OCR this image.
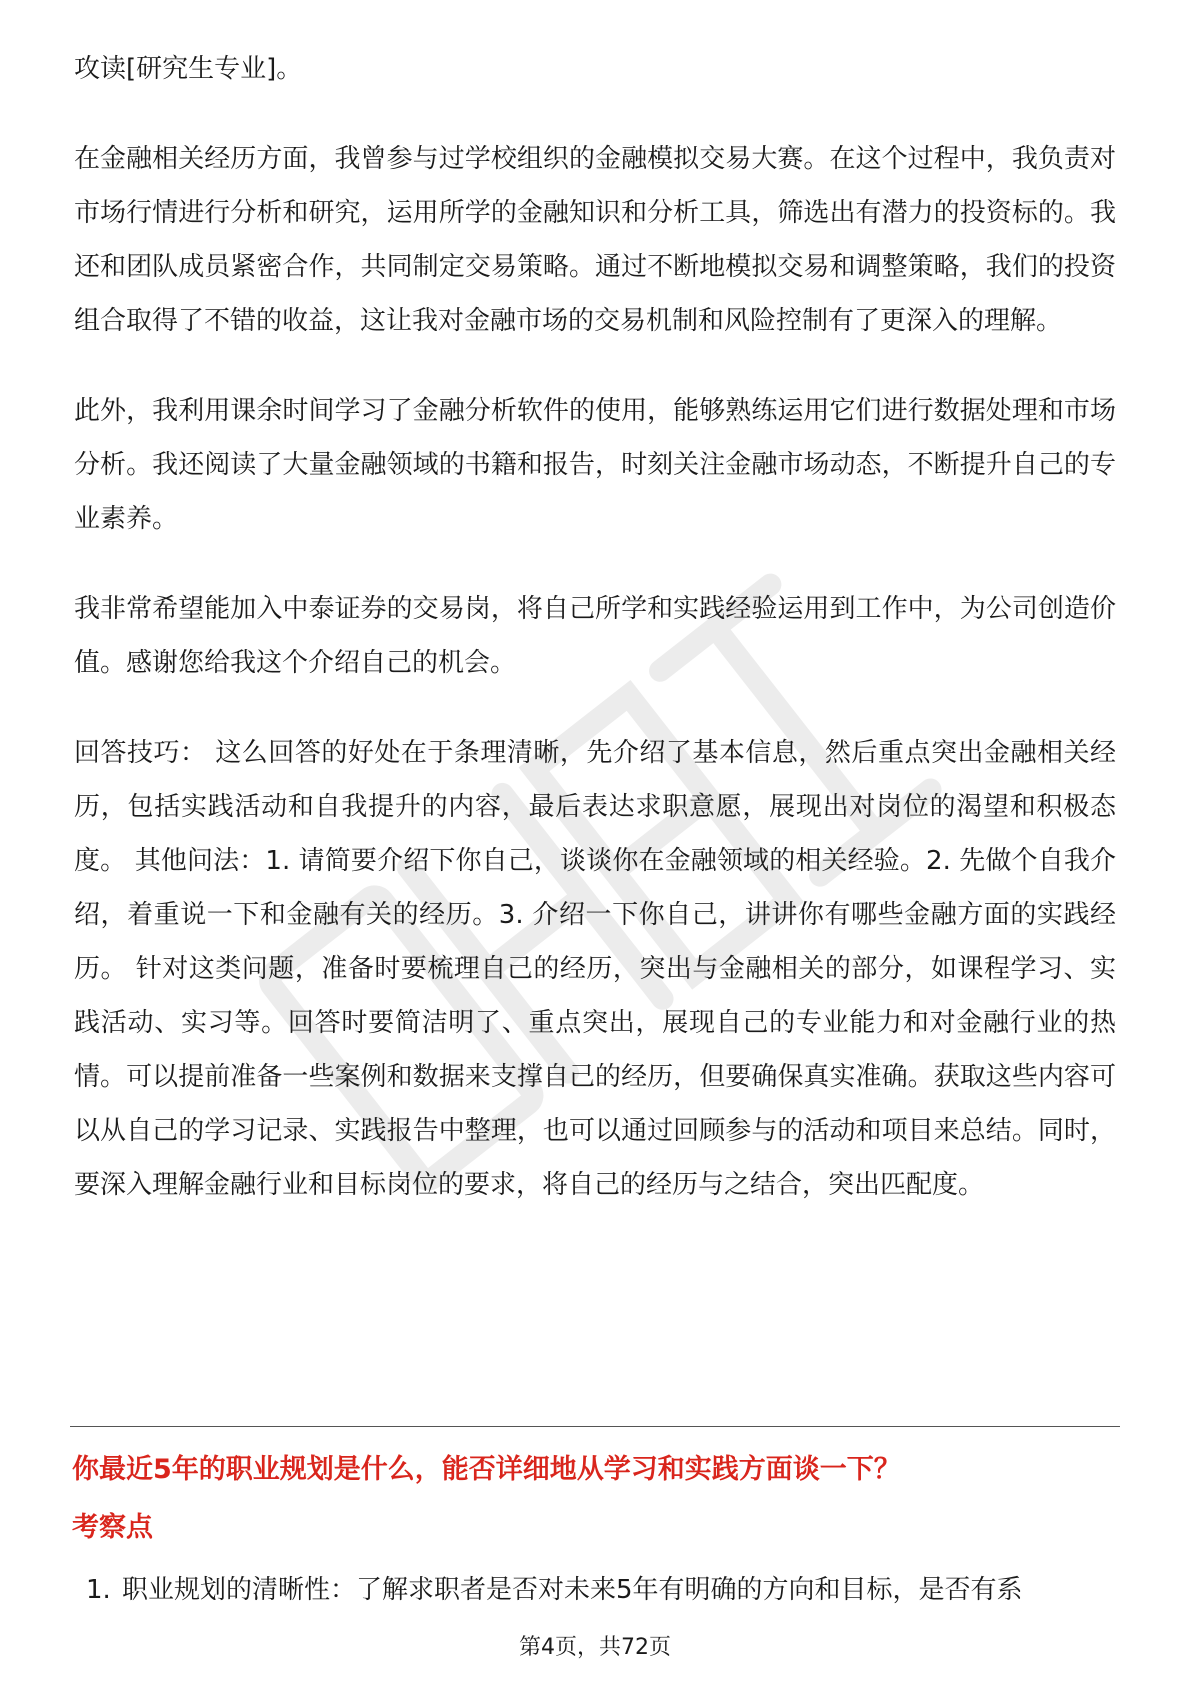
攻读[研究生专业]。

在金融相关经历方面，我曾参与过学校组织的金融模拟交易大赛。在这个过程中，我负责对市场行情进行分析和研究，运用所学的金融知识和分析工具，筛选出有潜力的投资标的。我还和团队成员紧密合作，共同制定交易策略。通过不断地模拟交易和调整策略，我们的投资组合取得了不错的收益，这让我对金融市场的交易机制和风险控制有了更深入的理解。

此外，我利用课余时间学习了金融分析软件的使用，能够熟练运用它们进行数据处理和市场分析。我还阅读了大量金融领域的书籍和报告，时刻关注金融市场动态，不断提升自己的专业素养。

我非常希望能加入中泰证券的交易岗，将自己所学和实践经验运用到工作中，为公司创造价值。感谢您给我这个介绍自己的机会。

回答技巧： 这么回答的好处在于条理清晰，先介绍了基本信息，然后重点突出金融相关经历，包括实践活动和自我提升的内容，最后表达求职意愿，展现出对岗位的渴望和积极态度。 其他问法：1. 请简要介绍下你自己，谈谈你在金融领域的相关经验。2. 先做个自我介绍，着重说一下和金融有关的经历。3. 介绍一下你自己，讲讲你有哪些金融方面的实践经历。 针对这类问题，准备时要梳理自己的经历，突出与金融相关的部分，如课程学习、实践活动、实习等。回答时要简洁明了、重点突出，展现自己的专业能力和对金融行业的热情。可以提前准备一些案例和数据来支撑自己的经历，但要确保真实准确。获取这些内容可以从自己的学习记录、实践报告中整理，也可以通过回顾参与的活动和项目来总结。同时，要深入理解金融行业和目标岗位的要求，将自己的经历与之结合，突出匹配度。

你最近5年的职业规划是什么，能否详细地从学习和实践方面谈一下？

考察点

1. 职业规划的清晰性：了解求职者是否对未来5年有明确的方向和目标，是否有系

第4页，共72页
